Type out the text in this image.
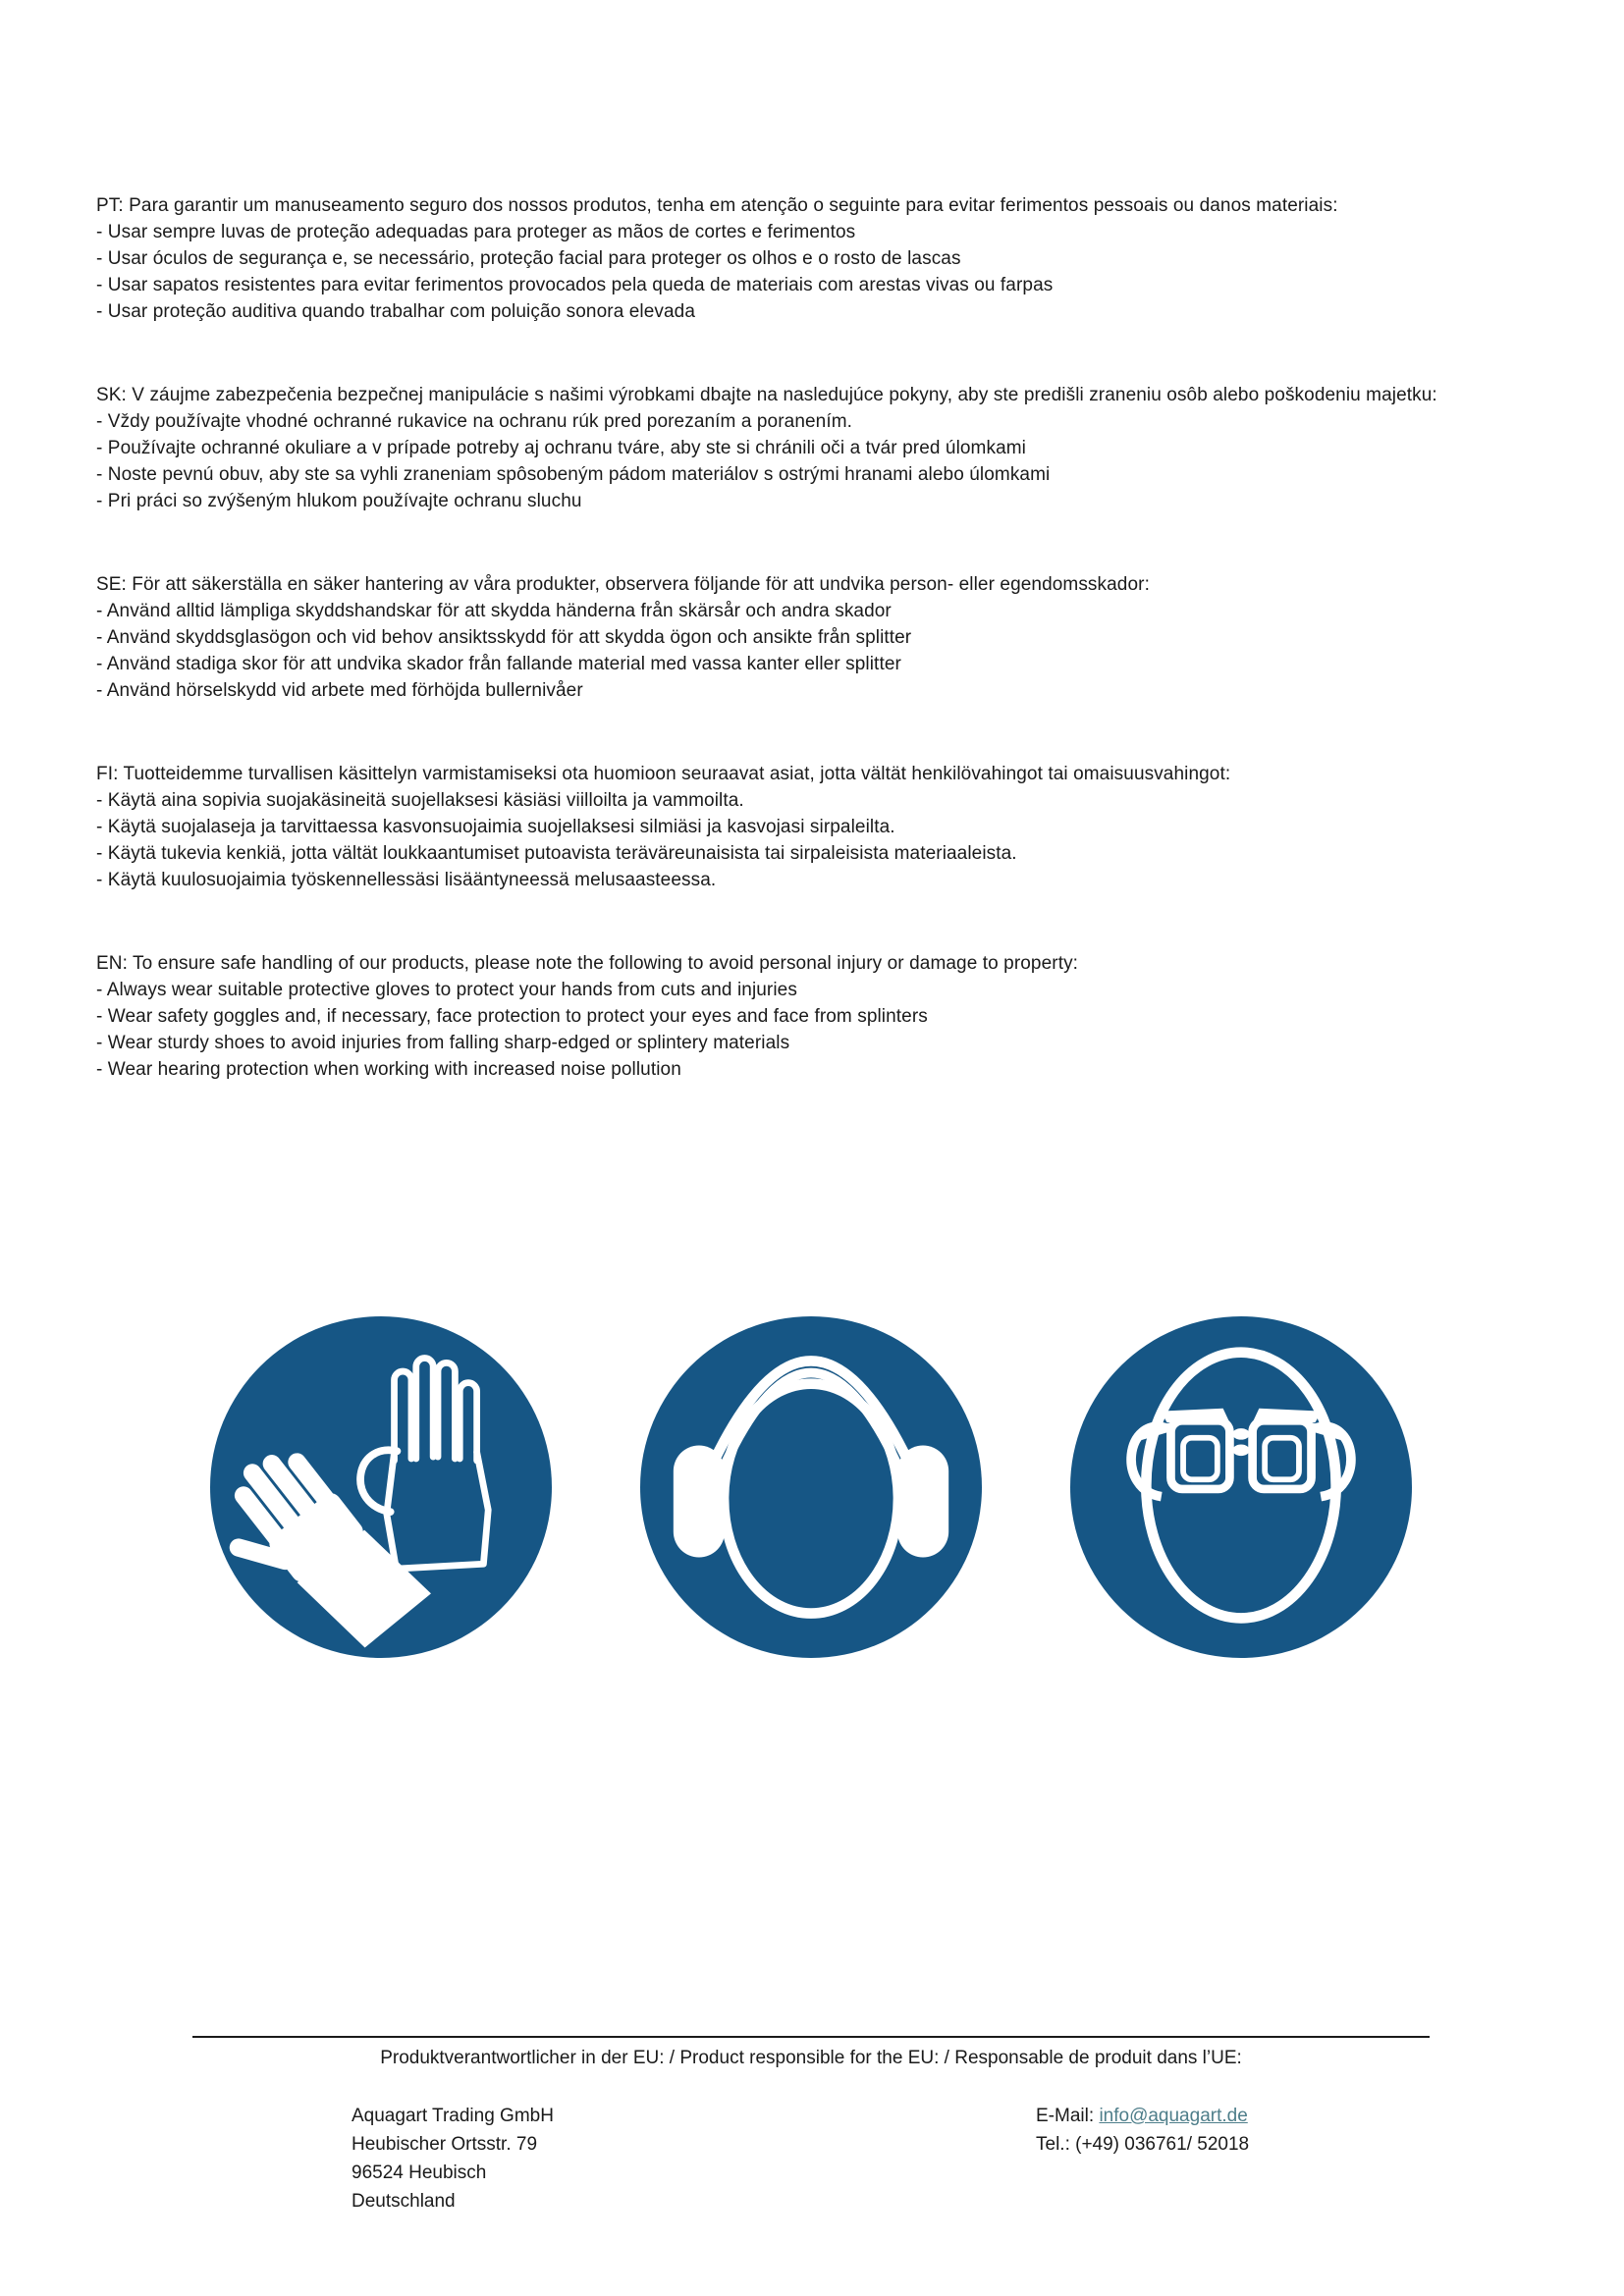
PT: Para garantir um manuseamento seguro dos nossos produtos, tenha em atenção o seguinte para evitar ferimentos pessoais ou danos materiais:
- Usar sempre luvas de proteção adequadas para proteger as mãos de cortes e ferimentos
- Usar óculos de segurança e, se necessário, proteção facial para proteger os olhos e o rosto de lascas
- Usar sapatos resistentes para evitar ferimentos provocados pela queda de materiais com arestas vivas ou farpas
- Usar proteção auditiva quando trabalhar com poluição sonora elevada
SK: V záujme zabezpečenia bezpečnej manipulácie s našimi výrobkami dbajte na nasledujúce pokyny, aby ste predišli zraneniu osôb alebo poškodeniu majetku:
- Vždy používajte vhodné ochranné rukavice na ochranu rúk pred porezaním a poranením.
- Používajte ochranné okuliare a v prípade potreby aj ochranu tváre, aby ste si chránili oči a tvár pred úlomkami
- Noste pevnú obuv, aby ste sa vyhli zraneniam spôsobeným pádom materiálov s ostrými hranami alebo úlomkami
- Pri práci so zvýšeným hlukom používajte ochranu sluchu
SE: För att säkerställa en säker hantering av våra produkter, observera följande för att undvika person- eller egendomsskador:
- Använd alltid lämpliga skyddshandskar för att skydda händerna från skärsår och andra skador
- Använd skyddsglasögon och vid behov ansiktsskydd för att skydda ögon och ansikte från splitter
- Använd stadiga skor för att undvika skador från fallande material med vassa kanter eller splitter
- Använd hörselskydd vid arbete med förhöjda bullernivåer
FI: Tuotteidemme turvallisen käsittelyn varmistamiseksi ota huomioon seuraavat asiat, jotta vältät henkilövahingot tai omaisuusvahingot:
- Käytä aina sopivia suojakäsineitä suojellaksesi käsiäsi viilloilta ja vammoilta.
- Käytä suojalaseja ja tarvittaessa kasvonsuojaimia suojellaksesi silmiäsi ja kasvojasi sirpaleilta.
- Käytä tukevia kenkiä, jotta vältät loukkaantumiset putoavista teräväreunaisista tai sirpaleisista materiaaleista.
- Käytä kuulosuojaimia työskennellessäsi lisääntyneessä melusaasteessa.
EN: To ensure safe handling of our products, please note the following to avoid personal injury or damage to property:
- Always wear suitable protective gloves to protect your hands from cuts and injuries
- Wear safety goggles and, if necessary, face protection to protect your eyes and face from splinters
- Wear sturdy shoes to avoid injuries from falling sharp-edged or splintery materials
- Wear hearing protection when working with increased noise pollution
Produktverantwortlicher in der EU: / Product responsible for the EU: / Responsable de produit dans l’UE:
Aquagart Trading GmbH
Heubischer Ortsstr. 79
96524 Heubisch
Deutschland
E-Mail: info@aquagart.de
Tel.: (+49) 036761/ 52018
